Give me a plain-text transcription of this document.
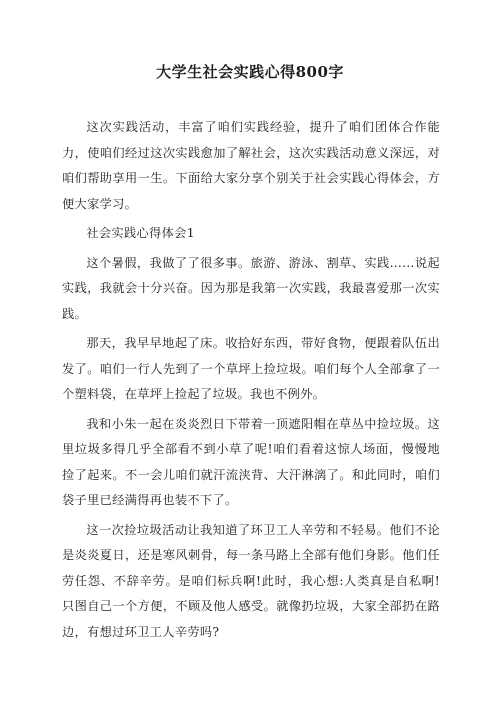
大学生社会实践心得800字

这次实践活动，丰富了咱们实践经验，提升了咱们团体合作能力，使咱们经过这次实践愈加了解社会，这次实践活动意义深远，对咱们帮助享用一生。下面给大家分享个别关于社会实践心得体会，方便大家学习。

社会实践心得体会1

这个暑假，我做了了很多事。旅游、游泳、割草、实践……说起实践，我就会十分兴奋。因为那是我第一次实践，我最喜爱那一次实践。

那天，我早早地起了床。收拾好东西，带好食物，便跟着队伍出发了。咱们一行人先到了一个草坪上捡垃圾。咱们每个人全部拿了一个塑料袋，在草坪上捡起了垃圾。我也不例外。

我和小朱一起在炎炎烈日下带着一顶遮阳帽在草丛中捡垃圾。这里垃圾多得几乎全部看不到小草了呢!咱们看着这惊人场面，慢慢地捡了起来。不一会儿咱们就汗流浃背、大汗淋漓了。和此同时，咱们袋子里已经满得再也装不下了。

这一次捡垃圾活动让我知道了环卫工人辛劳和不轻易。他们不论是炎炎夏日，还是寒风刺骨，每一条马路上全部有他们身影。他们任劳任怨、不辞辛劳。是咱们标兵啊!此时，我心想:人类真是自私啊!只图自己一个方便，不顾及他人感受。就像扔垃圾，大家全部扔在路边，有想过环卫工人辛劳吗?
